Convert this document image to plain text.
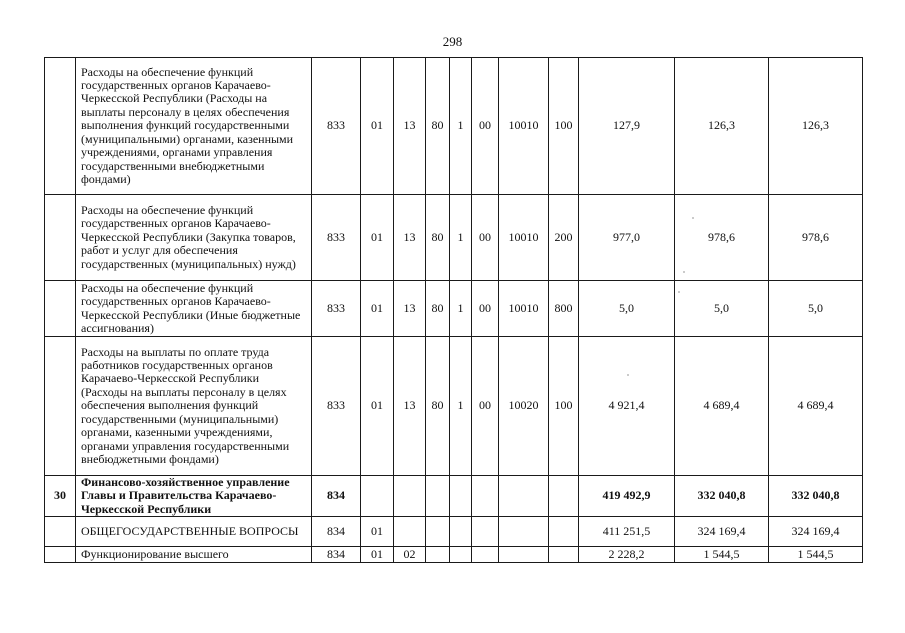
298
	Расходы на обеспечение функций государственных органов Карачаево-Черкесской Республики (Расходы на выплаты персоналу в целях обеспечения выполнения функций государственными (муниципальными) органами, казенными учреждениями, органами управления государственными внебюджетными фондами)	833	01	13	80	1	00	10010	100	127,9	126,3	126,3
	Расходы на обеспечение функций государственных органов Карачаево-Черкесской Республики (Закупка товаров, работ и услуг для обеспечения государственных (муниципальных) нужд)	833	01	13	80	1	00	10010	200	977,0	978,6	978,6
	Расходы на обеспечение функций государственных органов Карачаево-Черкесской Республики (Иные бюджетные ассигнования)	833	01	13	80	1	00	10010	800	5,0	5,0	5,0
	Расходы на выплаты по оплате труда работников государственных органов Карачаево-Черкесской Республики (Расходы на выплаты персоналу в целях обеспечения выполнения функций государственными (муниципальными) органами, казенными учреждениями, органами управления государственными внебюджетными фондами)	833	01	13	80	1	00	10020	100	4 921,4	4 689,4	4 689,4
30	Финансово-хозяйственное управление Главы и Правительства Карачаево-Черкесской Республики	834								419 492,9	332 040,8	332 040,8
	ОБЩЕГОСУДАРСТВЕННЫЕ ВОПРОСЫ	834	01							411 251,5	324 169,4	324 169,4
	Функционирование высшего	834	01	02						2 228,2	1 544,5	1 544,5
